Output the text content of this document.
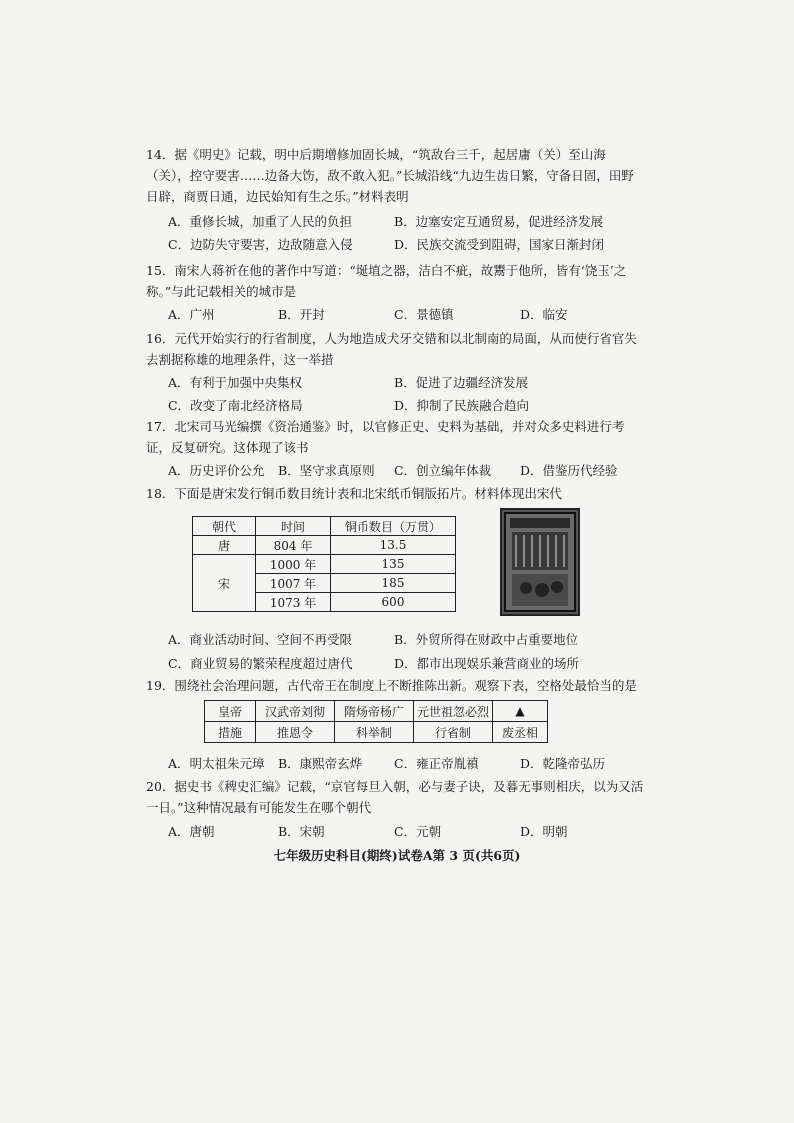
14．据《明史》记载，明中后期增修加固长城，“筑敌台三千，起居庸（关）至山海（关），控守要害……边备大饬，敌不敢入犯。”长城沿线“九边生齿日繁，守备日固，田野日辟，商贾日通，边民始知有生之乐。”材料表明

A．重修长城，加重了人民的负担	B．边塞安定互通贸易，促进经济发展
C．边防失守要害，边敌随意入侵	D．民族交流受到阻碍，国家日渐封闭

15．南宋人蒋祈在他的著作中写道：“埏埴之器，洁白不疵，故鬻于他所，皆有‘饶玉’之称。”与此记载相关的城市是

A．广州	B．开封	C．景德镇	D．临安

16．元代开始实行的行省制度，人为地造成犬牙交错和以北制南的局面，从而使行省官失去割据称雄的地理条件，这一举措

A．有利于加强中央集权	B．促进了边疆经济发展
C．改变了南北经济格局	D．抑制了民族融合趋向

17．北宋司马光编撰《资治通鉴》时，以官修正史、史料为基础，并对众多史料进行考证，反复研究。这体现了该书

A．历史评价公允 B．坚守求真原则 C．创立编年体裁 D．借鉴历代经验

18．下面是唐宋发行铜币数目统计表和北宋纸币铜版拓片。材料体现出宋代

朝代	时间	铜币数目（万贯）
唐	804 年	13.5
宋	1000 年	135
	1007 年	185
	1073 年	600
A．商业活动时间、空间不再受限	B．外贸所得在财政中占重要地位
C．商业贸易的繁荣程度超过唐代	D．都市出现娱乐兼营商业的场所

19．围绕社会治理问题，古代帝王在制度上不断推陈出新。观察下表，空格处最恰当的是

皇帝	汉武帝刘彻	隋炀帝杨广	元世祖忽必烈	▲
措施	推恩令	科举制	行省制	废丞相
A．明太祖朱元璋 B．康熙帝玄烨	C．雍正帝胤禛	D．乾隆帝弘历

20．据史书《稗史汇编》记载，“京官每旦入朝，必与妻子诀，及暮无事则相庆，以为又活一日。”这种情况最有可能发生在哪个朝代

A．唐朝	B．宋朝	C．元朝	D．明朝
七年级历史科目(期终)试卷A第 3 页(共6页)
